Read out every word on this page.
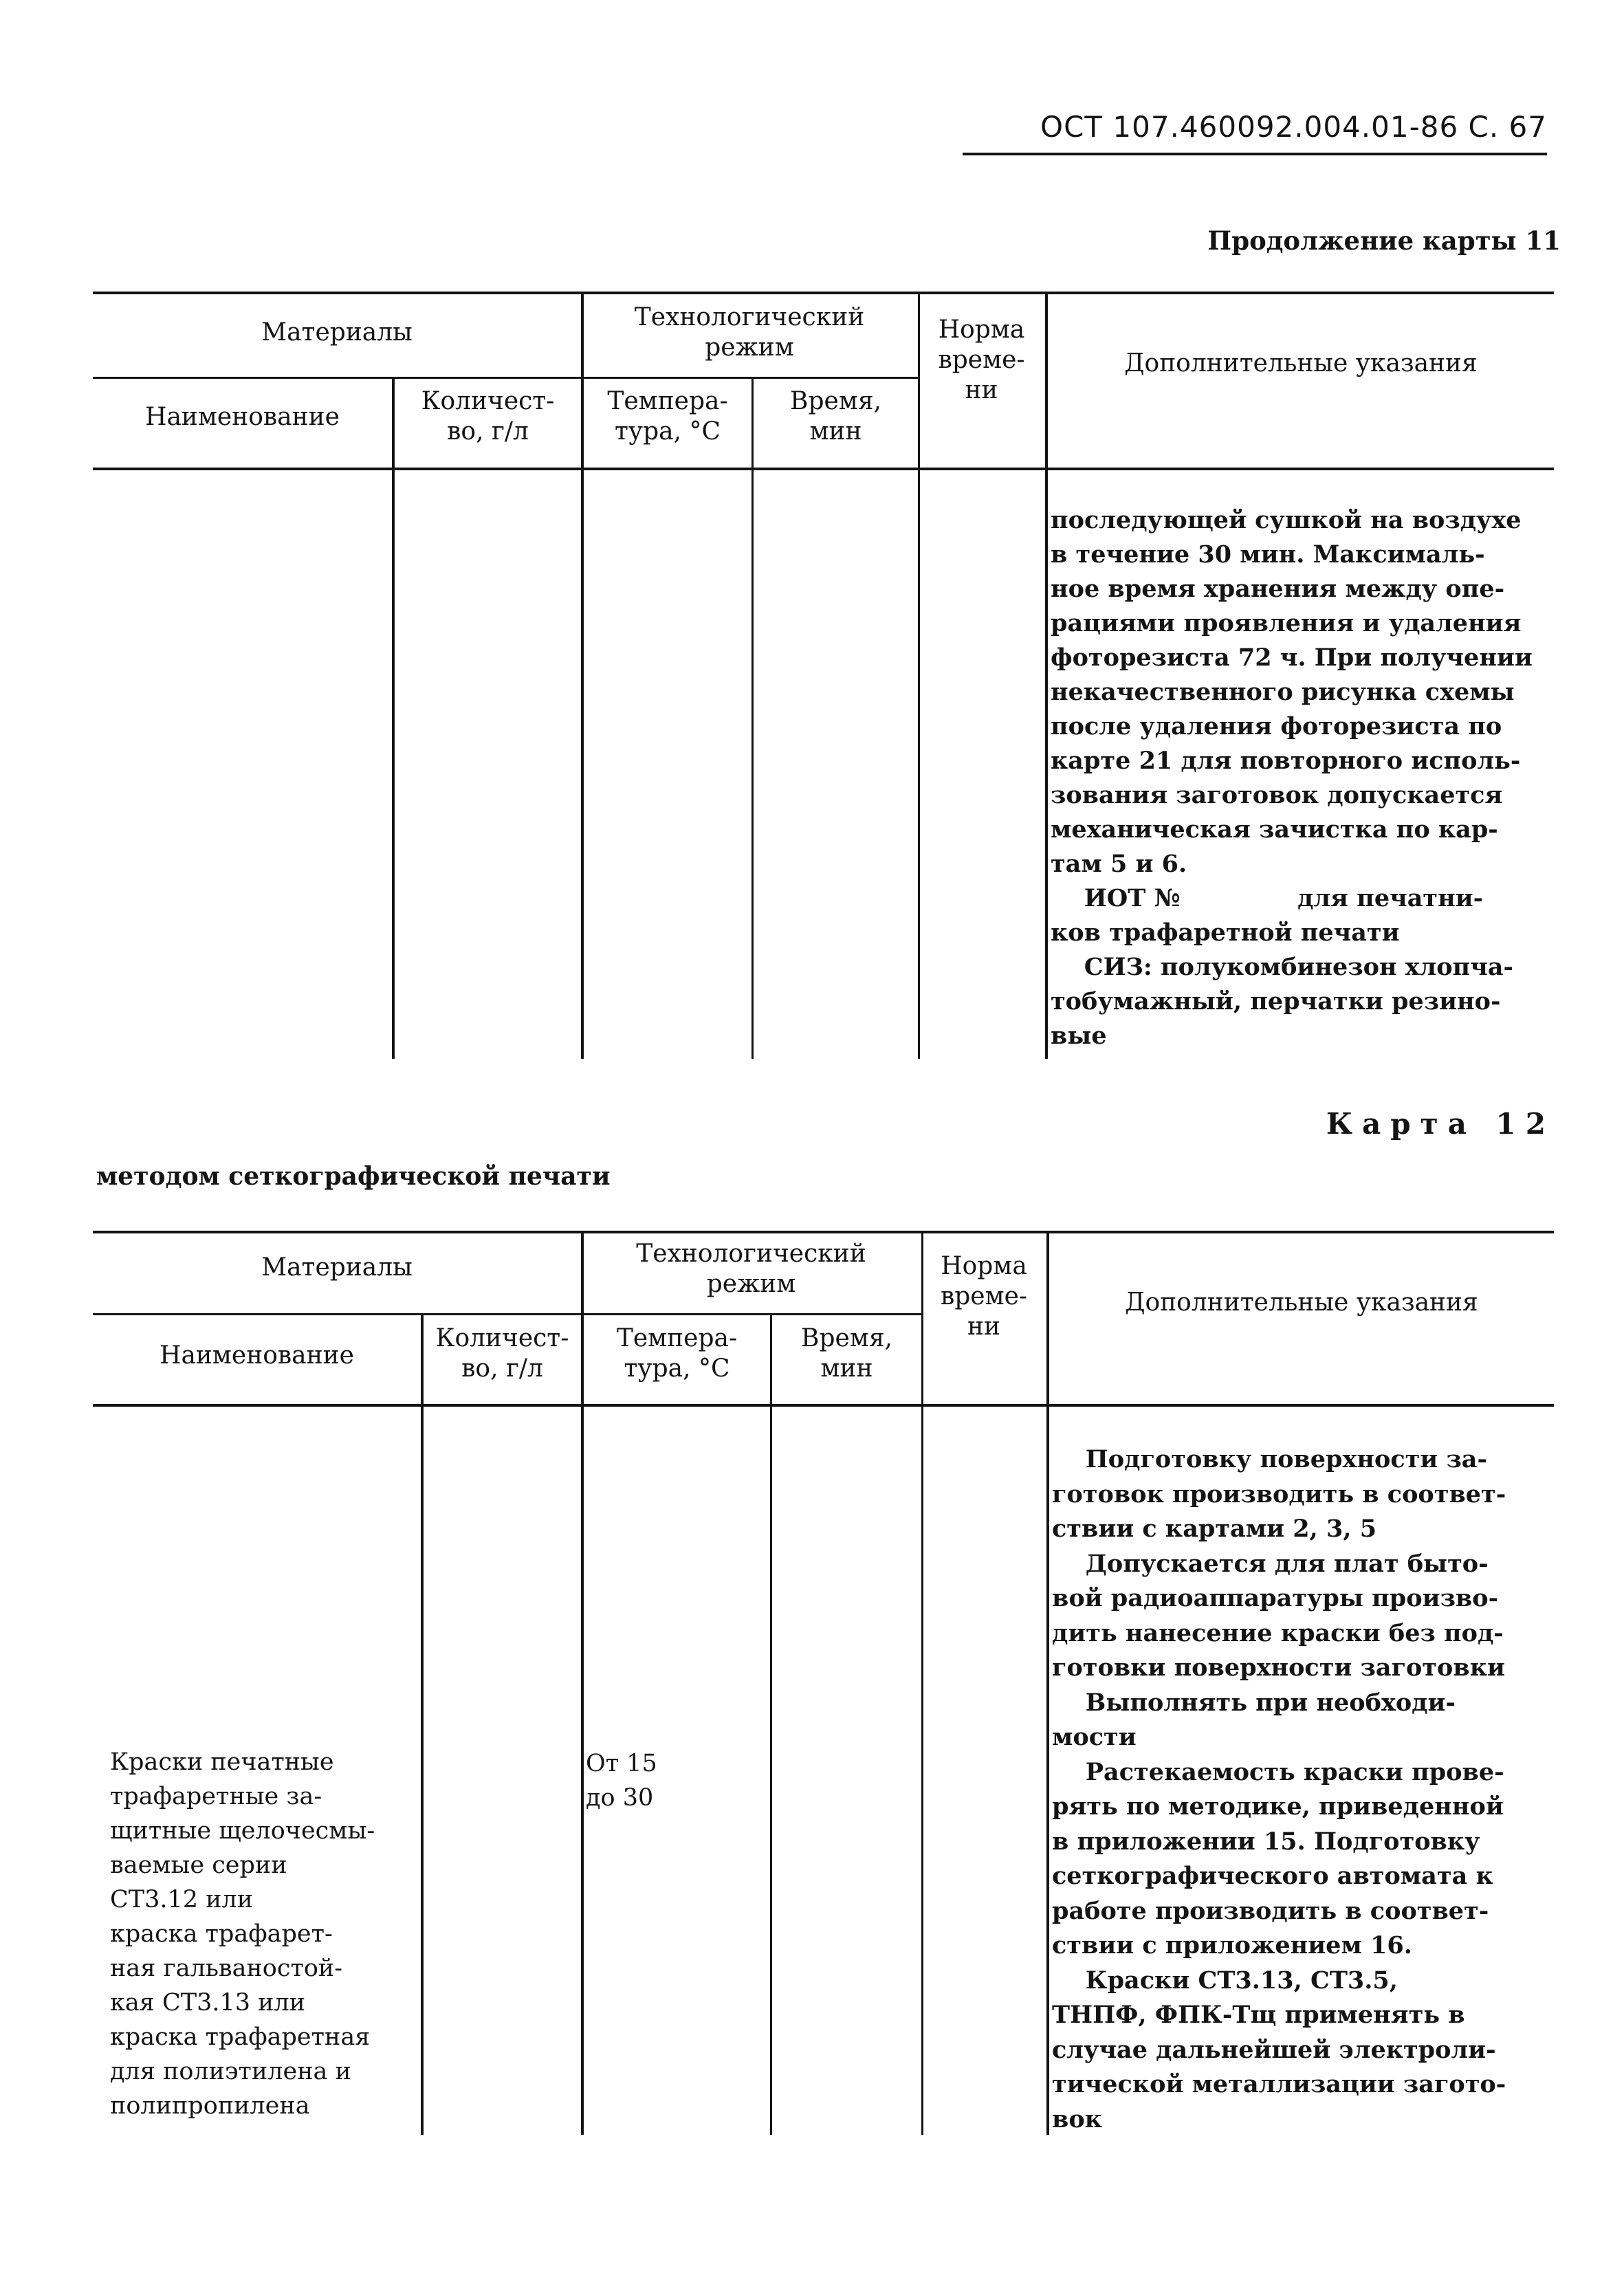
ОСТ 107.460092.004.01-86 С. 67
Продолжение карты 11
Материалы
Технологический
режим
Норма
време-
ни
Дополнительные указания
Наименование
Количест-
во, г/л
Темпера-
тура, °С
Время,
мин
последующей сушкой на воздухе
в течение 30 мин. Максималь-
ное время хранения между опе-
рациями проявления и удаления
фоторезиста 72 ч. При получении
некачественного рисунка схемы
после удаления фоторезиста по
карте 21 для повторного исполь-
зования заготовок допускается
механическая зачистка по кар-
там 5 и 6.
ИОТ №              для печатни-
ков трафаретной печати
СИЗ: полукомбинезон хлопча-
тобумажный, перчатки резино-
вые
Карта 12
методом сеткографической печати
Материалы	Технологический
режим
Норма
време-
ни
Дополнительные указания
Наименование
Количест-
во, г/л
Темпера-
тура, °С
Время,
мин
Краски печатные
трафаретные за-
щитные щелочесмы-
ваемые серии
СТ3.12 или
краска трафарет-
ная гальваностой-
кая СТ3.13 или
краска трафаретная
для полиэтилена и
полипропилена
От 15
до 30
Подготовку поверхности за-
готовок производить в соответ-
ствии с картами 2, 3, 5
Допускается для плат быто-
вой радиоаппаратуры произво-
дить нанесение краски без под-
готовки поверхности заготовки
Выполнять при необходи-
мости
Растекаемость краски прове-
рять по методике, приведенной
в приложении 15. Подготовку
сеткографического автомата к
работе производить в соответ-
ствии с приложением 16.
Краски СТ3.13, СТ3.5,
ТНПФ, ФПК-Тщ применять в
случае дальнейшей электроли-
тической металлизации загото-
вок
